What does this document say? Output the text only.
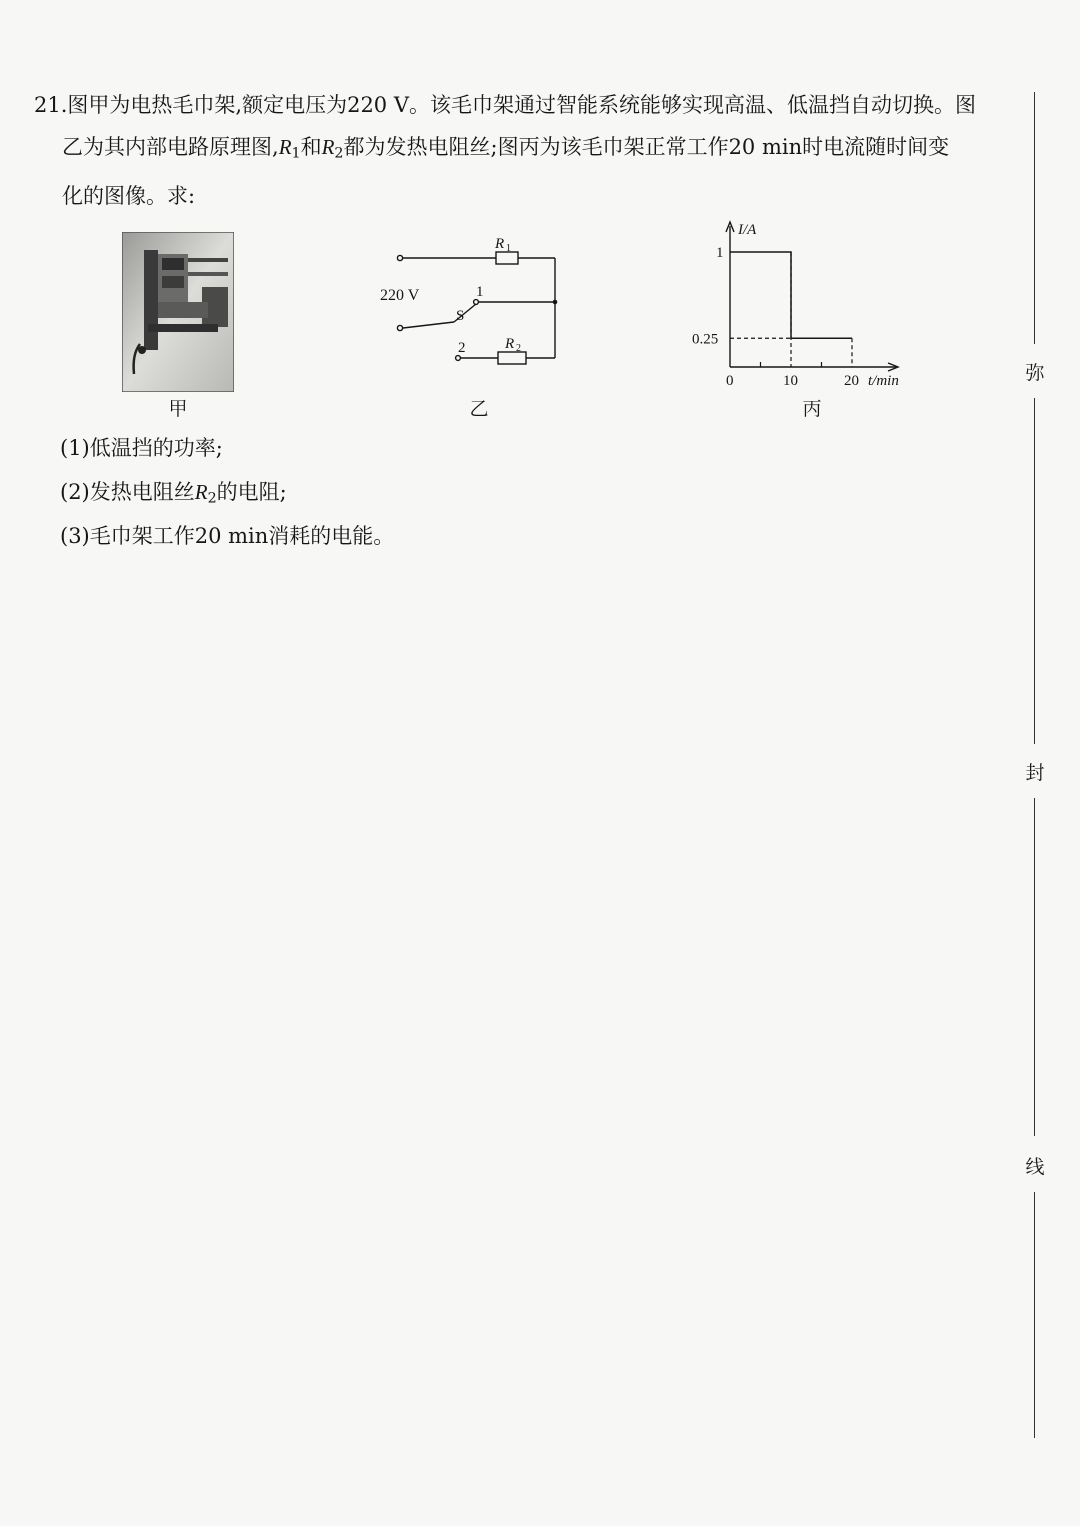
21.图甲为电热毛巾架,额定电压为220 V。该毛巾架通过智能系统能够实现高温、低温挡自动切换。图
乙为其内部电路原理图$,R_1$和$R_2$都为发热电阻丝;图丙为该毛巾架正常工作20 min时电流随时间变
化的图像。求:
甲
220 V
S
1
2
R 1
R 2
乙
0	10	20
1
0.25
I/A
t/min
丙
(1)低温挡的功率;
(2)发热电阻丝$R_2$的电阻;
(3)毛巾架工作20 min消耗的电能。
弥
封
线
